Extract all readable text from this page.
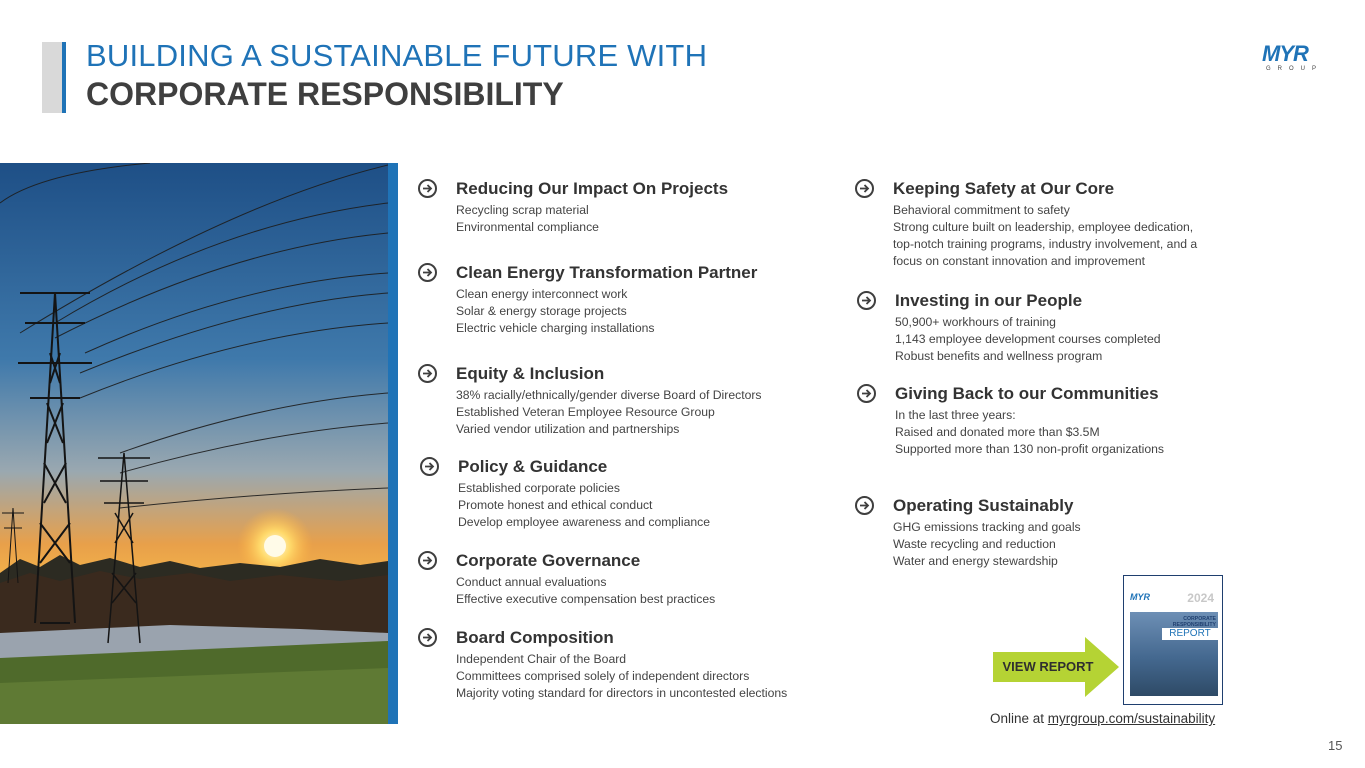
BUILDING A SUSTAINABLE FUTURE WITH
CORPORATE RESPONSIBILITY
MYR
GROUP
Reducing Our Impact On Projects
Recycling scrap material
Environmental compliance
Clean Energy Transformation Partner
Clean energy interconnect work
Solar & energy storage projects
Electric vehicle charging installations
Equity & Inclusion
38% racially/ethnically/gender diverse Board of Directors
Established Veteran Employee Resource Group
Varied vendor utilization and partnerships
Policy & Guidance
Established corporate policies
Promote honest and ethical conduct
Develop employee awareness and compliance
Corporate Governance
Conduct annual evaluations
Effective executive compensation best practices
Board Composition
Independent Chair of the Board
Committees comprised solely of independent directors
Majority voting standard for directors in uncontested elections
Keeping Safety at Our Core
Behavioral commitment to safety
Strong culture built on leadership, employee dedication,
top-notch training programs, industry involvement, and a
focus on constant innovation and improvement
Investing in our People
50,900+ workhours of training
1,143 employee development courses completed
Robust benefits and wellness program
Giving Back to our Communities
In the last three years:
Raised and donated more than $3.5M
Supported more than 130 non-profit organizations
Operating Sustainably
GHG emissions tracking and goals
Waste recycling and reduction
Water and energy stewardship
VIEW REPORT
MYR	2024
CORPORATE RESPONSIBILITY
REPORT
Online at myrgroup.com/sustainability
15
